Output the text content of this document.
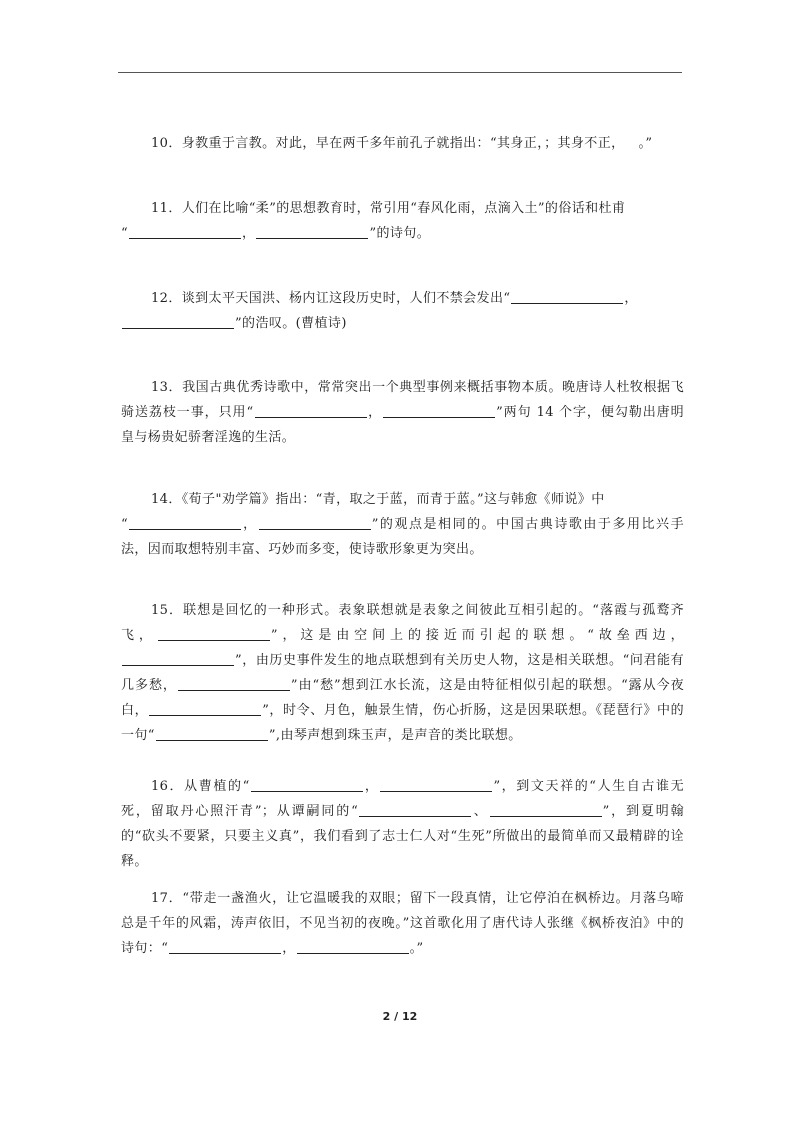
10．身教重于言教。对此，早在两千多年前孔子就指出：“其身正，；其身不正， 。”

11．人们在比喻“柔”的思想教育时，常引用“春风化雨，点滴入土”的俗话和杜甫
“	，	”的诗句。

12．谈到太平天国洪、杨内讧这段历史时，人们不禁会发出“	，
”的浩叹。(曹植诗)

13．我国古典优秀诗歌中，常常突出一个典型事例来概括事物本质。晚唐诗人杜牧根据飞骑送荔枝一事，只用“	，	”两句 14 个字，便勾勒出唐明皇与杨贵妃骄奢淫逸的生活。

14．《荀子"劝学篇》指出：“青，取之于蓝，而青于蓝。”这与韩愈《师说》中
“	，	”的观点是相同的。中国古典诗歌由于多用比兴手法，因而取想特别丰富、巧妙而多变，使诗歌形象更为突出。

15．联想是回忆的一种形式。表象联想就是表象之间彼此互相引起的。“落霞与孤鹜齐飞，	”，这是由空间上的接近而引起的联想。“故垒西边，”，由历史事件发生的地点联想到有关历史人物，这是相关联想。“问君能有几多愁，	”由“愁”想到江水长流，这是由特征相似引起的联想。“露从今夜白，	”，时令、月色，触景生情，伤心折肠，这是因果联想。《琵琶行》中的一句“	”,由琴声想到珠玉声，是声音的类比联想。

16．从曹植的“	，	”，到文天祥的“人生自古谁无死，留取丹心照汗青”；从谭嗣同的“	、	”，到夏明翰的“砍头不要紧，只要主义真”，我们看到了志士仁人对“生死”所做出的最简单而又最精辟的诠释。

17．“带走一盏渔火，让它温暖我的双眼；留下一段真情，让它停泊在枫桥边。月落乌啼总是千年的风霜，涛声依旧，不见当初的夜晚。”这首歌化用了唐代诗人张继《枫桥夜泊》中的诗句：“	，	。”

2 / 12
